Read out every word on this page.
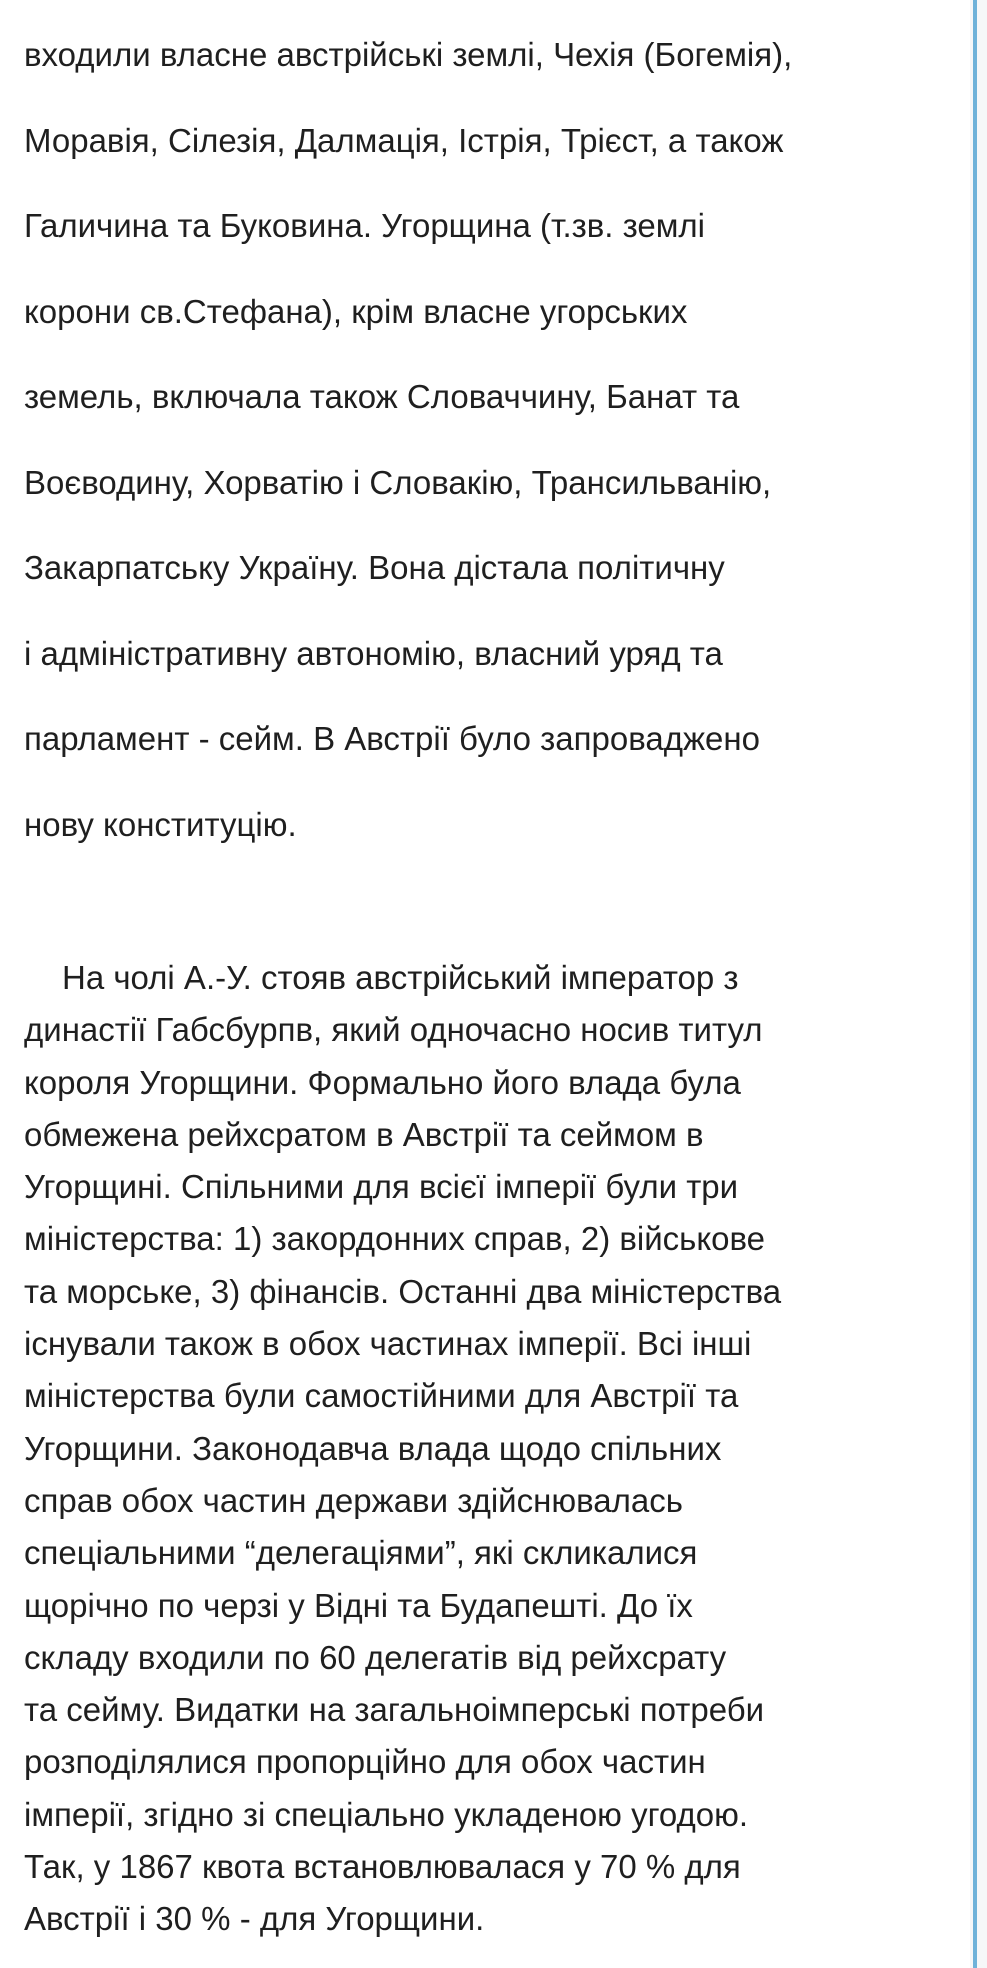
входили власне австрійські землі, Чехія (Богемія),
Моравія, Сілезія, Далмація, Істрія, Трієст, а також
Галичина та Буковина. Угорщина (т.зв. землі
корони св.Стефана), крім власне угорських
земель, включала також Словаччину, Банат та
Воєводину, Хорватію і Словакію, Трансильванію,
Закарпатську Україну. Вона дістала політичну
і адміністративну автономію, власний уряд та
парламент - сейм. В Австрії було запроваджено
нову конституцію.
На чолі А.-У. стояв австрійський імператор з
династії Габсбурпв, який одночасно носив титул
короля Угорщини. Формально його влада була
обмежена рейхсратом в Австрії та сеймом в
Угорщині. Спільними для всієї імперії були три
міністерства: 1) закордонних справ, 2) військове
та морське, 3) фінансів. Останні два міністерства
існували також в обох частинах імперії. Всі інші
міністерства були самостійними для Австрії та
Угорщини. Законодавча влада щодо спільних
справ обох частин держави здійснювалась
спеціальними “делегаціями”, які скликалися
щорічно по черзі у Відні та Будапешті. До їх
складу входили по 60 делегатів від рейхсрату
та сейму. Видатки на загальноімперські потреби
розподілялися пропорційно для обох частин
імперії, згідно зі спеціально укладеною угодою.
Так, у 1867 квота встановлювалася у 70 % для
Австрії і 30 % - для Угорщини.
